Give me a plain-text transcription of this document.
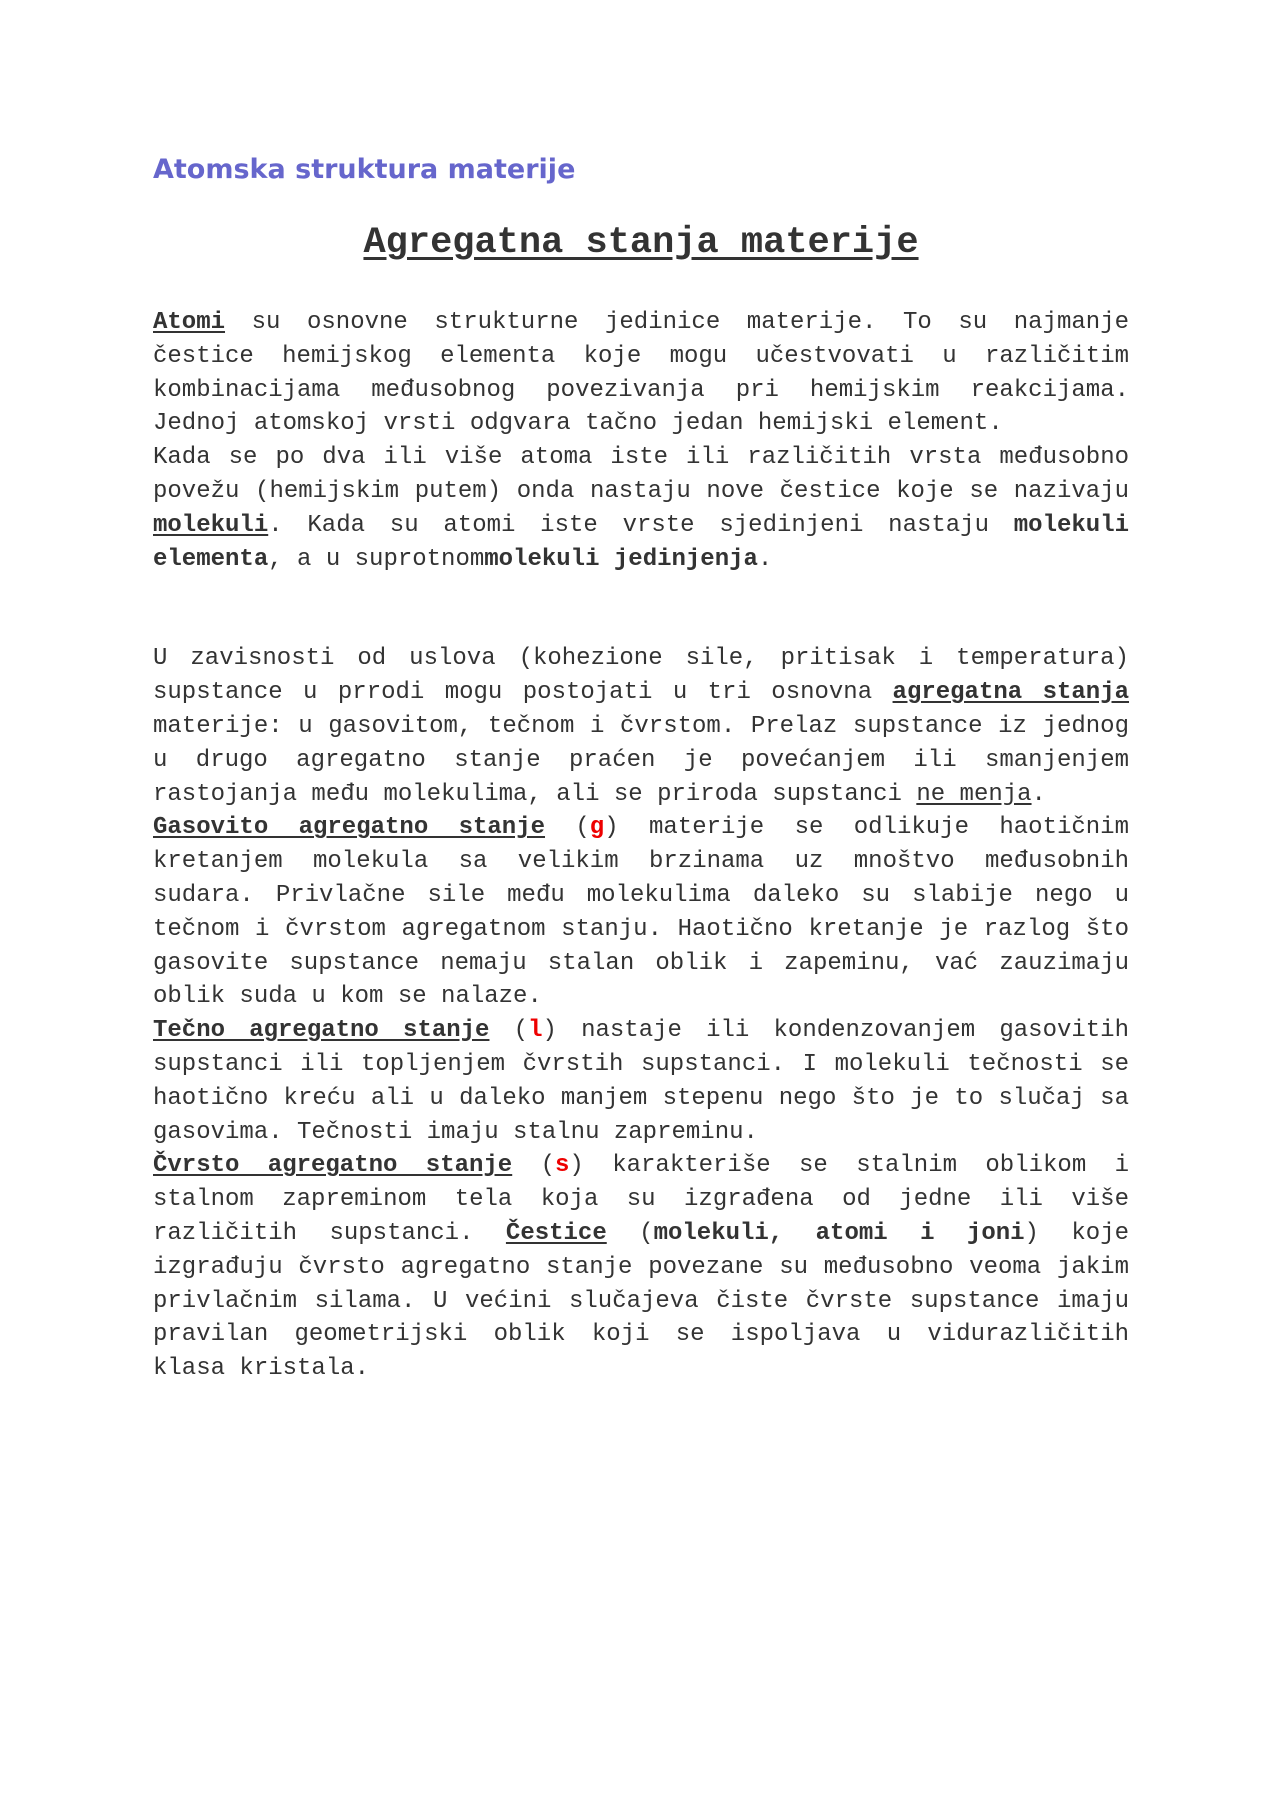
Atomska struktura materije
Agregatna stanja materije

Atomi su osnovne strukturne jedinice materije. To su najmanje čestice hemijskog elementa koje mogu učestvovati u različitim kombinacijama međusobnog povezivanja pri hemijskim reakcijama. Jednoj atomskoj vrsti odgvara tačno jedan hemijski element.

Kada se po dva ili više atoma iste ili različitih vrsta međusobno povežu (hemijskim putem) onda nastaju nove čestice koje se nazivaju molekuli. Kada su atomi iste vrste sjedinjeni nastaju molekuli elementa, a u suprotnommolekuli jedinjenja.

U zavisnosti od uslova (kohezione sile, pritisak i temperatura) supstance u prrodi mogu postojati u tri osnovna agregatna stanja materije: u gasovitom, tečnom i čvrstom. Prelaz supstance iz jednog u drugo agregatno stanje praćen je povećanjem ili smanjenjem rastojanja među molekulima, ali se priroda supstanci ne menja.

Gasovito agregatno stanje (g) materije se odlikuje haotičnim kretanjem molekula sa velikim brzinama uz mnoštvo međusobnih sudara. Privlačne sile među molekulima daleko su slabije nego u tečnom i čvrstom agregatnom stanju. Haotično kretanje je razlog što gasovite supstance nemaju stalan oblik i zapeminu, vać zauzimaju oblik suda u kom se nalaze.

Tečno agregatno stanje (l) nastaje ili kondenzovanjem gasovitih supstanci ili topljenjem čvrstih supstanci. I molekuli tečnosti se haotično kreću ali u daleko manjem stepenu nego što je to slučaj sa gasovima. Tečnosti imaju stalnu zapreminu.

Čvrsto agregatno stanje (s) karakteriše se stalnim oblikom i stalnom zapreminom tela koja su izgrađena od jedne ili više različitih supstanci. Čestice (molekuli, atomi i joni) koje izgrađuju čvrsto agregatno stanje povezane su međusobno veoma jakim privlačnim silama. U većini slučajeva čiste čvrste supstance imaju pravilan geometrijski oblik koji se ispoljava u vidurazličitih klasa kristala.
